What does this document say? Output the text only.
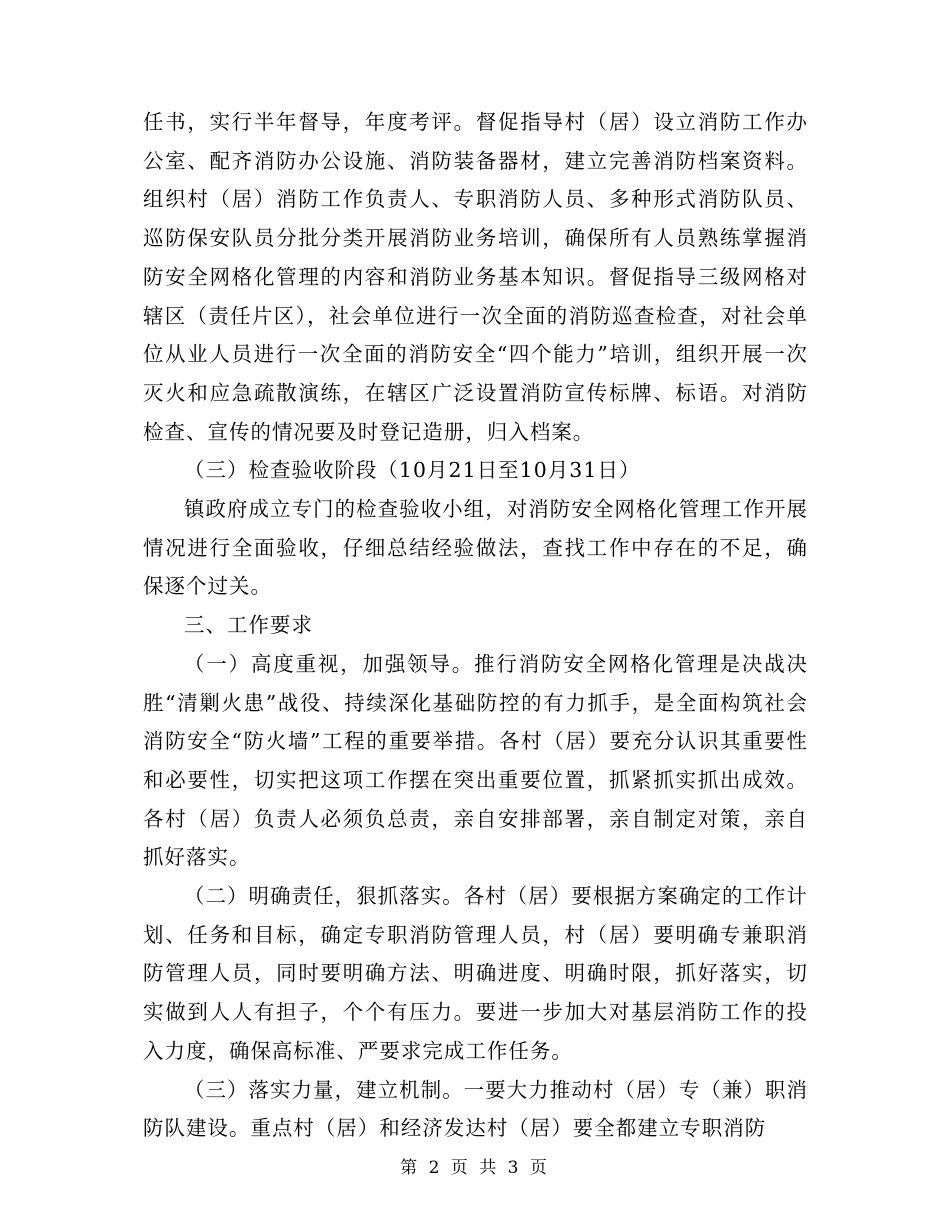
任书，实行半年督导，年度考评。督促指导村（居）设立消防工作办公室、配齐消防办公设施、消防装备器材，建立完善消防档案资料。组织村（居）消防工作负责人、专职消防人员、多种形式消防队员、巡防保安队员分批分类开展消防业务培训，确保所有人员熟练掌握消防安全网格化管理的内容和消防业务基本知识。督促指导三级网格对辖区（责任片区），社会单位进行一次全面的消防巡查检查，对社会单位从业人员进行一次全面的消防安全“四个能力”培训，组织开展一次灭火和应急疏散演练，在辖区广泛设置消防宣传标牌、标语。对消防检查、宣传的情况要及时登记造册，归入档案。

（三）检查验收阶段（10月21日至10月31日）

镇政府成立专门的检查验收小组，对消防安全网格化管理工作开展情况进行全面验收，仔细总结经验做法，查找工作中存在的不足，确保逐个过关。

三、工作要求

（一）高度重视，加强领导。推行消防安全网格化管理是决战决胜“清剿火患”战役、持续深化基础防控的有力抓手，是全面构筑社会消防安全“防火墙”工程的重要举措。各村（居）要充分认识其重要性和必要性，切实把这项工作摆在突出重要位置，抓紧抓实抓出成效。各村（居）负责人必须负总责，亲自安排部署，亲自制定对策，亲自抓好落实。

（二）明确责任，狠抓落实。各村（居）要根据方案确定的工作计划、任务和目标，确定专职消防管理人员，村（居）要明确专兼职消防管理人员，同时要明确方法、明确进度、明确时限，抓好落实，切实做到人人有担子，个个有压力。要进一步加大对基层消防工作的投入力度，确保高标准、严要求完成工作任务。

（三）落实力量，建立机制。一要大力推动村（居）专（兼）职消防队建设。重点村（居）和经济发达村（居）要全都建立专职消防

第 2 页 共 3 页
